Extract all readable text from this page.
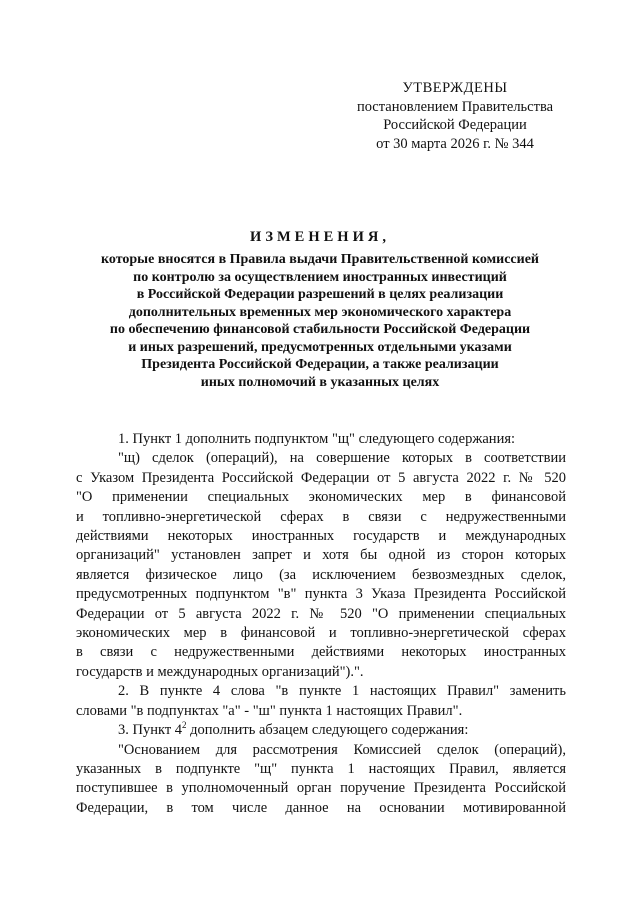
УТВЕРЖДЕНЫ
постановлением Правительства
Российской Федерации
от 30 марта 2026 г. № 344
ИЗМЕНЕНИЯ,
которые вносятся в Правила выдачи Правительственной комиссией
по контролю за осуществлением иностранных инвестиций
в Российской Федерации разрешений в целях реализации
дополнительных временных мер экономического характера
по обеспечению финансовой стабильности Российской Федерации
и иных разрешений, предусмотренных отдельными указами
Президента Российской Федерации, а также реализации
иных полномочий в указанных целях

1. Пункт 1 дополнить подпунктом "щ" следующего содержания:

"щ) сделок (операций), на совершение которых в соответствии
с Указом Президента Российской Федерации от 5 августа 2022 г. № 520
"О применении специальных экономических мер в финансовой
и топливно-энергетической сферах в связи с недружественными
действиями некоторых иностранных государств и международных
организаций" установлен запрет и хотя бы одной из сторон которых
является физическое лицо (за исключением безвозмездных сделок,
предусмотренных подпунктом "в" пункта 3 Указа Президента Российской
Федерации от 5 августа 2022 г. № 520 "О применении специальных
экономических мер в финансовой и топливно-энергетической сферах
в связи с недружественными действиями некоторых иностранных
государств и международных организаций").".

2. В пункте 4 слова "в пункте 1 настоящих Правил" заменить
словами "в подпунктах "а" - "ш" пункта 1 настоящих Правил".

3. Пункт $4^2$ дополнить абзацем следующего содержания:

"Основанием для рассмотрения Комиссией сделок (операций),
указанных в подпункте "щ" пункта 1 настоящих Правил, является
поступившее в уполномоченный орган поручение Президента Российской
Федерации, в том числе данное на основании мотивированной
